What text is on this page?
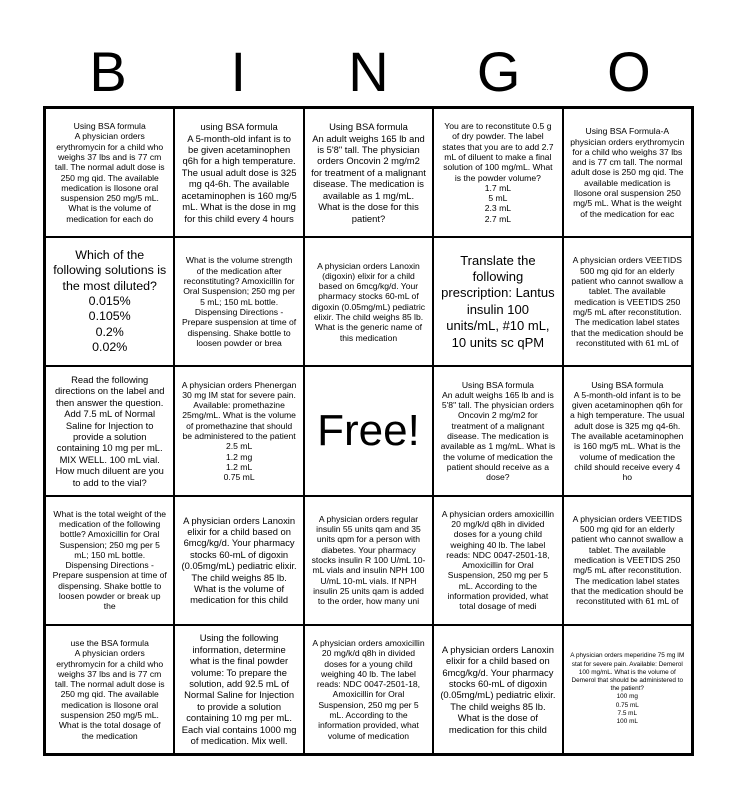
B	I	N	G	O
Using BSA formula
A physician orders erythromycin for a child who weighs 37 lbs and is 77 cm tall. The normal adult dose is 250 mg qid. The available medication is Ilosone oral suspension 250 mg/5 mL. What is the volume of medication for each do
using BSA formula
A 5-month-old infant is to be given acetaminophen q6h for a high temperature. The usual adult dose is 325 mg q4-6h. The available acetaminophen is 160 mg/5 mL. What is the dose in mg for this child every 4 hours
Using BSA formula
An adult weighs 165 lb and is 5'8" tall. The physician orders Oncovin 2 mg/m2 for treatment of a malignant disease. The medication is available as 1 mg/mL. What is the dose for this patient?
You are to reconstitute 0.5 g of dry powder. The label states that you are to add 2.7 mL of diluent to make a final solution of 100 mg/mL. What is the powder volume?
1.7 mL
5 mL
2.3 mL
2.7 mL
Using BSA Formula-A physician orders erythromycin for a child who weighs 37 lbs and is 77 cm tall. The normal adult dose is 250 mg qid. The available medication is Ilosone oral suspension 250 mg/5 mL. What is the weight of the medication for eac
Which of the following solutions is the most diluted?
0.015%
0.105%
0.2%
0.02%
What is the volume strength of the medication after reconstituting? Amoxicillin for Oral Suspension; 250 mg per 5 mL; 150 mL bottle. Dispensing Directions - Prepare suspension at time of dispensing. Shake bottle to loosen powder or brea
A physician orders Lanoxin (digoxin) elixir for a child based on 6mcg/kg/d. Your pharmacy stocks 60-mL of digoxin (0.05mg/mL) pediatric elixir. The child weighs 85 lb. What is the generic name of this medication
Translate the following prescription: Lantus insulin 100 units/mL, #10 mL, 10 units sc qPM
A physician orders VEETIDS 500 mg qid for an elderly patient who cannot swallow a tablet. The available medication is VEETIDS 250 mg/5 mL after reconstitution. The medication label states that the medication should be reconstituted with 61 mL of
Read the following directions on the label and then answer the question. Add 7.5 mL of Normal Saline for Injection to provide a solution containing 10 mg per mL. MIX WELL. 100 mL vial. How much diluent are you to add to the vial?
A physician orders Phenergan 30 mg IM stat for severe pain. Available: promethazine 25mg/mL. What is the volume of promethazine that should be administered to the patient
2.5 mL
1.2 mg
1.2 mL
0.75 mL
Free!
Using BSA formula
An adult weighs 165 lb and is 5'8" tall. The physician orders Oncovin 2 mg/m2 for treatment of a malignant disease. The medication is available as 1 mg/mL. What is the volume of medication the patient should receive as a dose?
Using BSA formula
A 5-month-old infant is to be given acetaminophen q6h for a high temperature. The usual adult dose is 325 mg q4-6h. The available acetaminophen is 160 mg/5 mL. What is the volume of medication the child should receive every 4 ho
What is the total weight of the medication of the following bottle? Amoxicillin for Oral Suspension; 250 mg per 5 mL; 150 mL bottle. Dispensing Directions - Prepare suspension at time of dispensing. Shake bottle to loosen powder or break up the
A physician orders Lanoxin elixir for a child based on 6mcg/kg/d. Your pharmacy stocks 60-mL of digoxin (0.05mg/mL) pediatric elixir. The child weighs 85 lb. What is the volume of medication for this child
A physician orders regular insulin 55 units qam and 35 units qpm for a person with diabetes. Your pharmacy stocks insulin R 100 U/mL 10-mL vials and insulin NPH 100 U/mL 10-mL vials. If NPH insulin 25 units qam is added to the order, how many uni
A physician orders amoxicillin 20 mg/k/d q8h in divided doses for a young child weighing 40 lb. The label reads: NDC 0047-2501-18, Amoxicillin for Oral Suspension, 250 mg per 5 mL. According to the information provided, what total dosage of medi
A physician orders VEETIDS 500 mg qid for an elderly patient who cannot swallow a tablet. The available medication is VEETIDS 250 mg/5 mL after reconstitution. The medication label states that the medication should be reconstituted with 61 mL of
use the BSA formula
A physician orders erythromycin for a child who weighs 37 lbs and is 77 cm tall. The normal adult dose is 250 mg qid. The available medication is Ilosone oral suspension 250 mg/5 mL. What is the total dosage of the medication
Using the following information, determine what is the final powder volume: To prepare the solution, add 92.5 mL of Normal Saline for Injection to provide a solution containing 10 mg per mL. Each vial contains 1000 mg of medication. Mix well.
A physician orders amoxicillin 20 mg/k/d q8h in divided doses for a young child weighing 40 lb. The label reads: NDC 0047-2501-18, Amoxicillin for Oral Suspension, 250 mg per 5 mL. According to the information provided, what volume of medication
A physician orders Lanoxin elixir for a child based on 6mcg/kg/d. Your pharmacy stocks 60-mL of digoxin (0.05mg/mL) pediatric elixir. The child weighs 85 lb. What is the dose of medication for this child
A physician orders meperidine 75 mg IM stat for severe pain. Available: Demerol 100 mg/mL. What is the volume of Demerol that should be administered to the patient?
100 mg
0.75 mL
7.5 mL
100 mL
